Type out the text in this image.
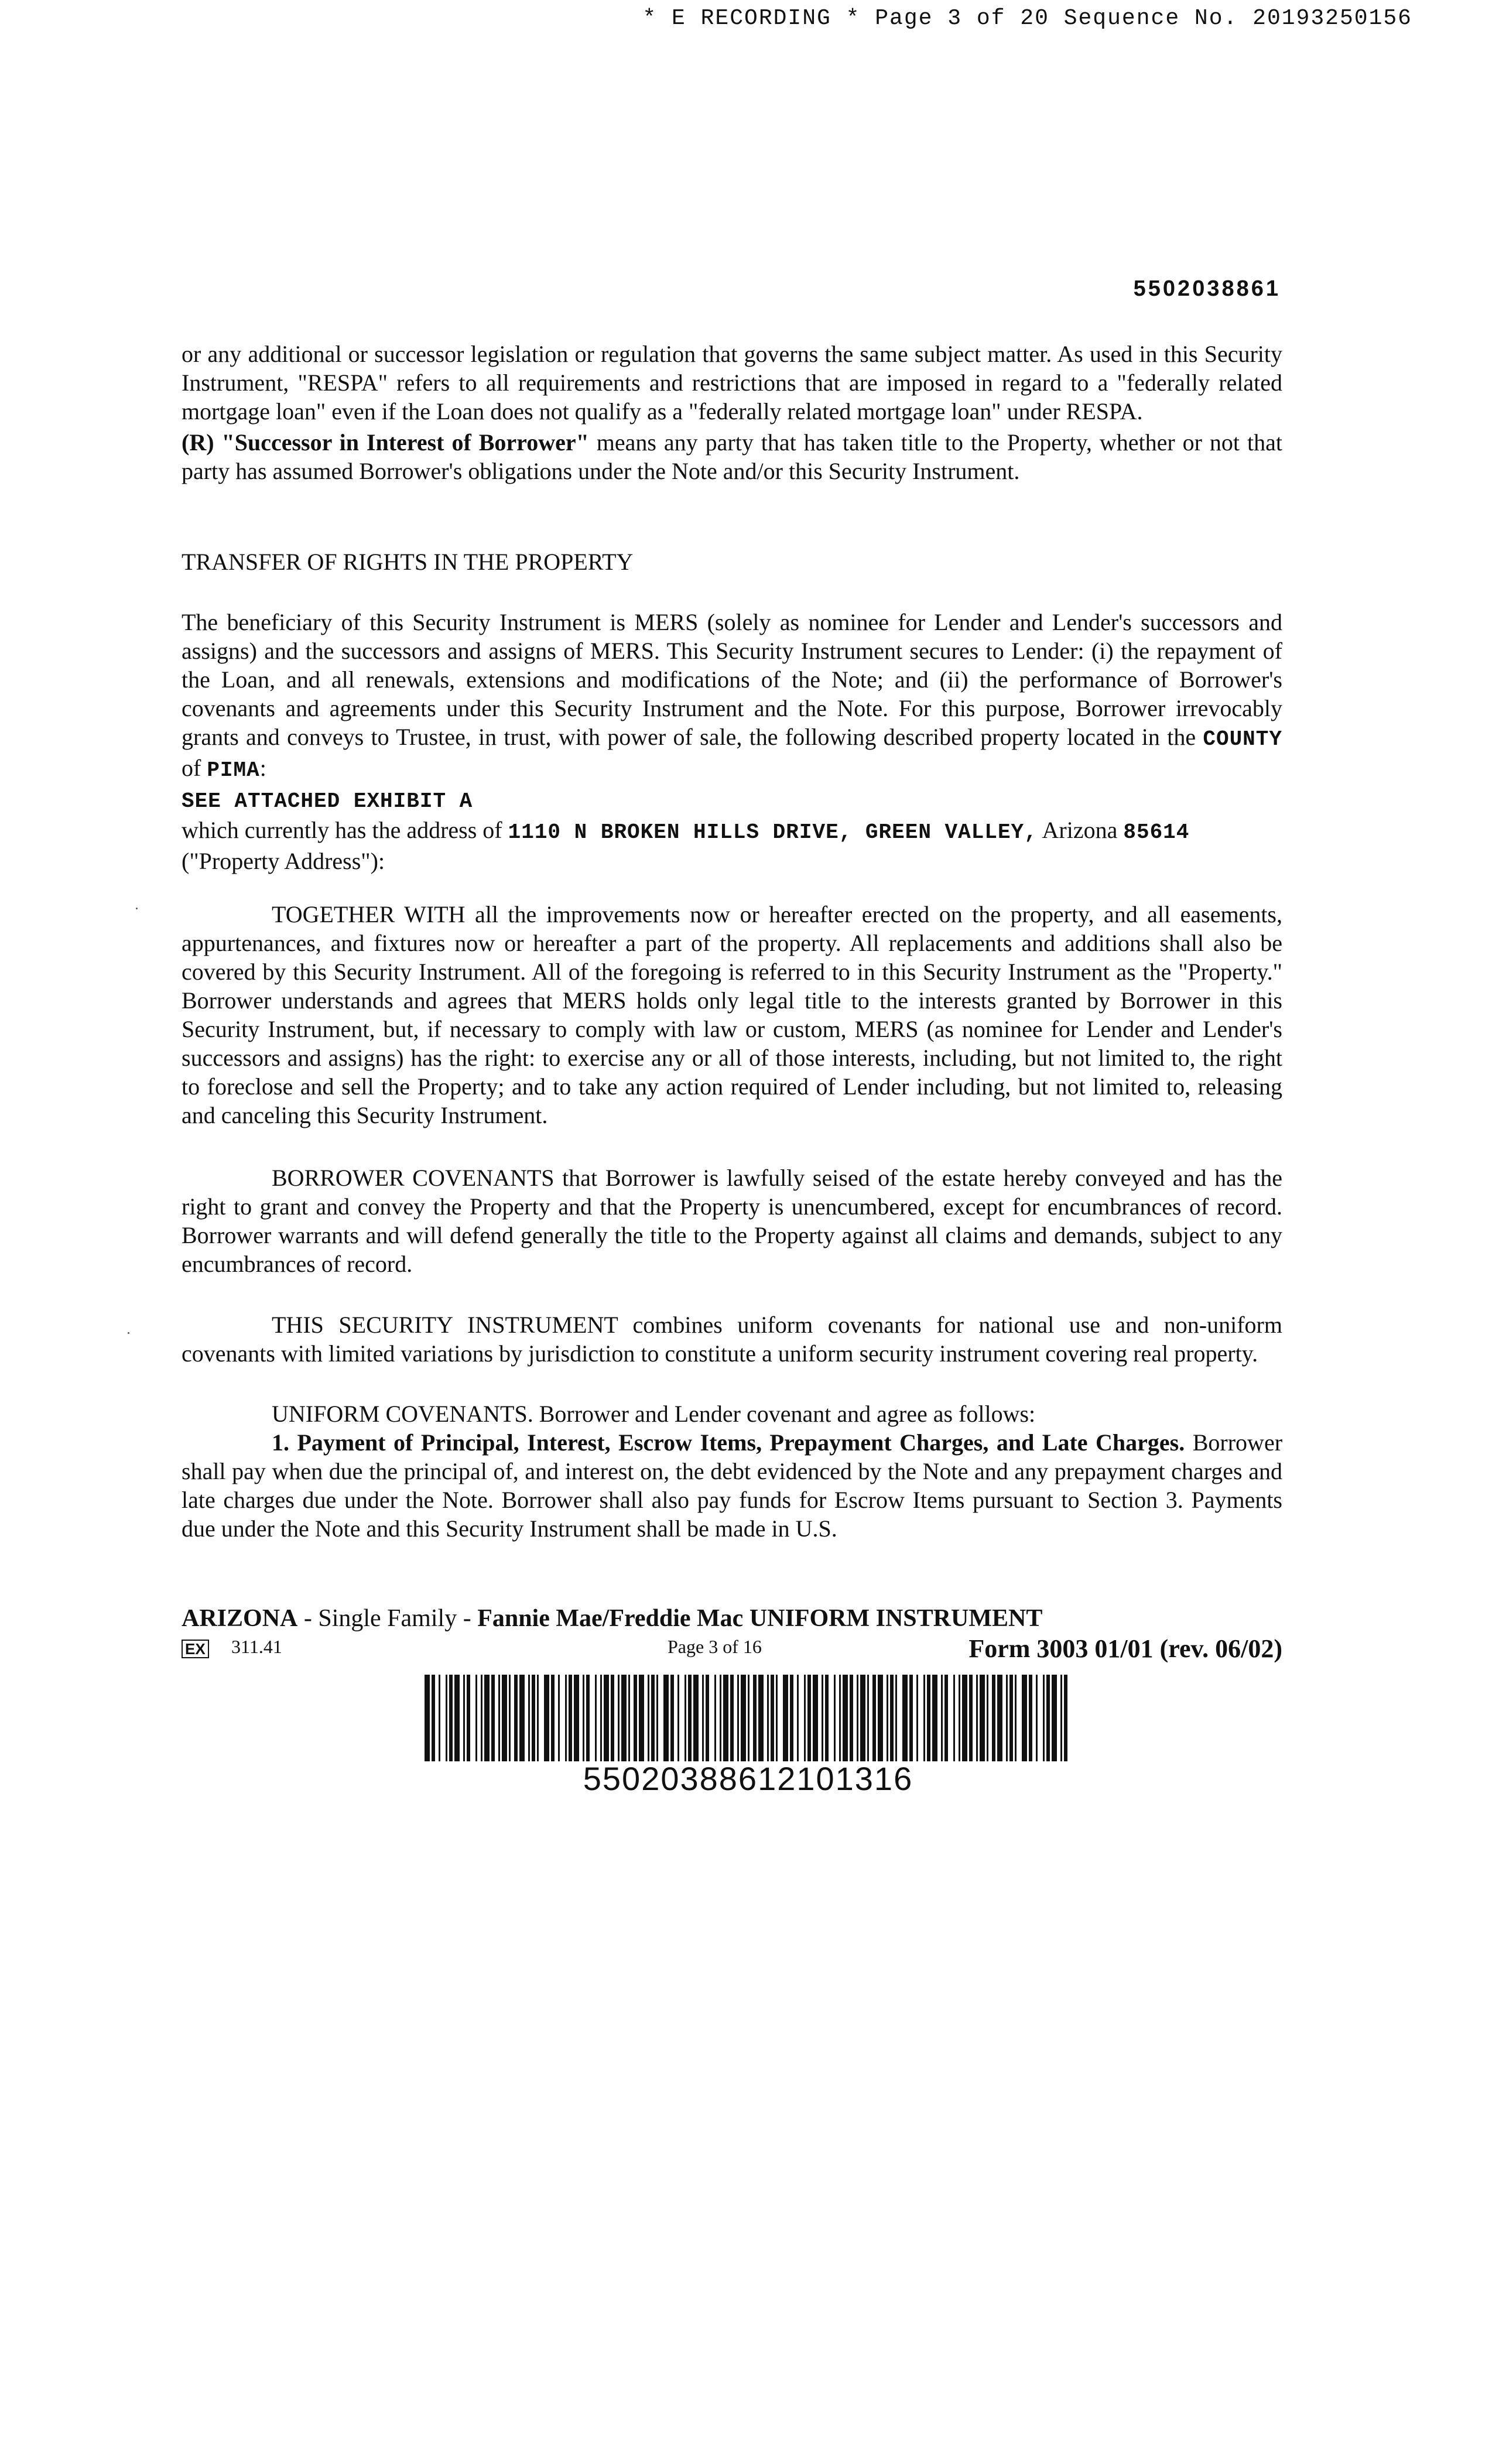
* E RECORDING * Page 3 of 20 Sequence No. 20193250156
5502038861

or any additional or successor legislation or regulation that governs the same subject matter. As used in this Security Instrument, "RESPA" refers to all requirements and restrictions that are imposed in regard to a "federally related mortgage loan" even if the Loan does not qualify as a "federally related mortgage loan" under RESPA.

(R) "Successor in Interest of Borrower" means any party that has taken title to the Property, whether or not that party has assumed Borrower's obligations under the Note and/or this Security Instrument.

TRANSFER OF RIGHTS IN THE PROPERTY

The beneficiary of this Security Instrument is MERS (solely as nominee for Lender and Lender's successors and assigns) and the successors and assigns of MERS. This Security Instrument secures to Lender: (i) the repayment of the Loan, and all renewals, extensions and modifications of the Note; and (ii) the performance of Borrower's covenants and agreements under this Security Instrument and the Note. For this purpose, Borrower irrevocably grants and conveys to Trustee, in trust, with power of sale, the following described property located in the COUNTY of PIMA:

SEE ATTACHED EXHIBIT A

which currently has the address of 1110 N BROKEN HILLS DRIVE, GREEN VALLEY, Arizona 85614

("Property Address"):

TOGETHER WITH all the improvements now or hereafter erected on the property, and all easements, appurtenances, and fixtures now or hereafter a part of the property. All replacements and additions shall also be covered by this Security Instrument. All of the foregoing is referred to in this Security Instrument as the "Property." Borrower understands and agrees that MERS holds only legal title to the interests granted by Borrower in this Security Instrument, but, if necessary to comply with law or custom, MERS (as nominee for Lender and Lender's successors and assigns) has the right: to exercise any or all of those interests, including, but not limited to, the right to foreclose and sell the Property; and to take any action required of Lender including, but not limited to, releasing and canceling this Security Instrument.

BORROWER COVENANTS that Borrower is lawfully seised of the estate hereby conveyed and has the right to grant and convey the Property and that the Property is unencumbered, except for encumbrances of record. Borrower warrants and will defend generally the title to the Property against all claims and demands, subject to any encumbrances of record.

THIS SECURITY INSTRUMENT combines uniform covenants for national use and non-uniform covenants with limited variations by jurisdiction to constitute a uniform security instrument covering real property.

UNIFORM COVENANTS. Borrower and Lender covenant and agree as follows:

1. Payment of Principal, Interest, Escrow Items, Prepayment Charges, and Late Charges. Borrower shall pay when due the principal of, and interest on, the debt evidenced by the Note and any prepayment charges and late charges due under the Note. Borrower shall also pay funds for Escrow Items pursuant to Section 3. Payments due under the Note and this Security Instrument shall be made in U.S.

ARIZONA - Single Family - Fannie Mae/Freddie Mac UNIFORM INSTRUMENT
EX 311.41	Page 3 of 16	Form 3003 01/01 (rev. 06/02)
55020388612101316
